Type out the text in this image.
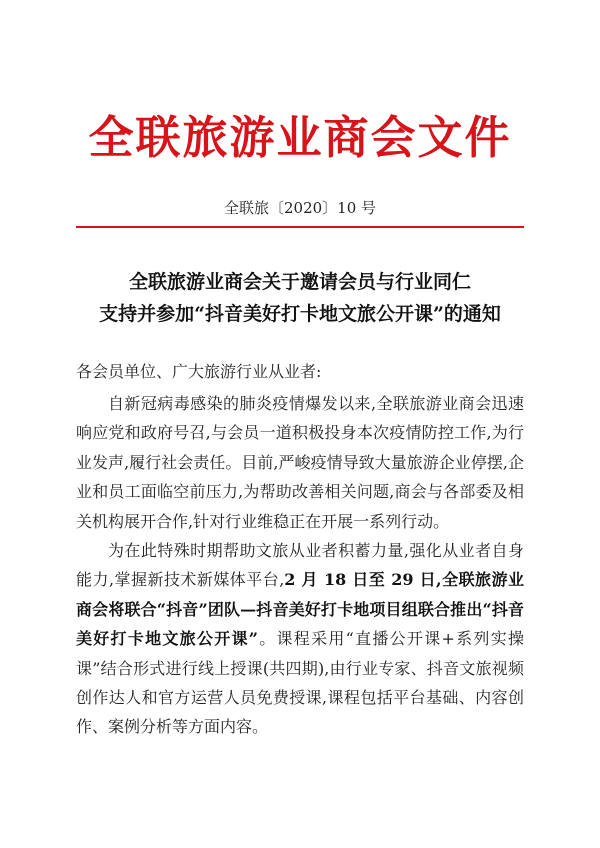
全联旅游业商会文件
全联旅〔2020〕10 号
全联旅游业商会关于邀请会员与行业同仁
支持并参加“抖音美好打卡地文旅公开课”的通知
各会员单位、广大旅游行业从业者:

自新冠病毒感染的肺炎疫情爆发以来,全联旅游业商会迅速响应党和政府号召,与会员一道积极投身本次疫情防控工作,为行业发声,履行社会责任。目前,严峻疫情导致大量旅游企业停摆,企业和员工面临空前压力,为帮助改善相关问题,商会与各部委及相关机构展开合作,针对行业维稳正在开展一系列行动。

为在此特殊时期帮助文旅从业者积蓄力量,强化从业者自身能力,掌握新技术新媒体平台,2 月 18 日至 29 日,全联旅游业商会将联合“抖音”团队—抖音美好打卡地项目组联合推出“抖音美好打卡地文旅公开课”。课程采用“直播公开课+系列实操课”结合形式进行线上授课(共四期),由行业专家、抖音文旅视频创作达人和官方运营人员免费授课,课程包括平台基础、内容创作、案例分析等方面内容。
